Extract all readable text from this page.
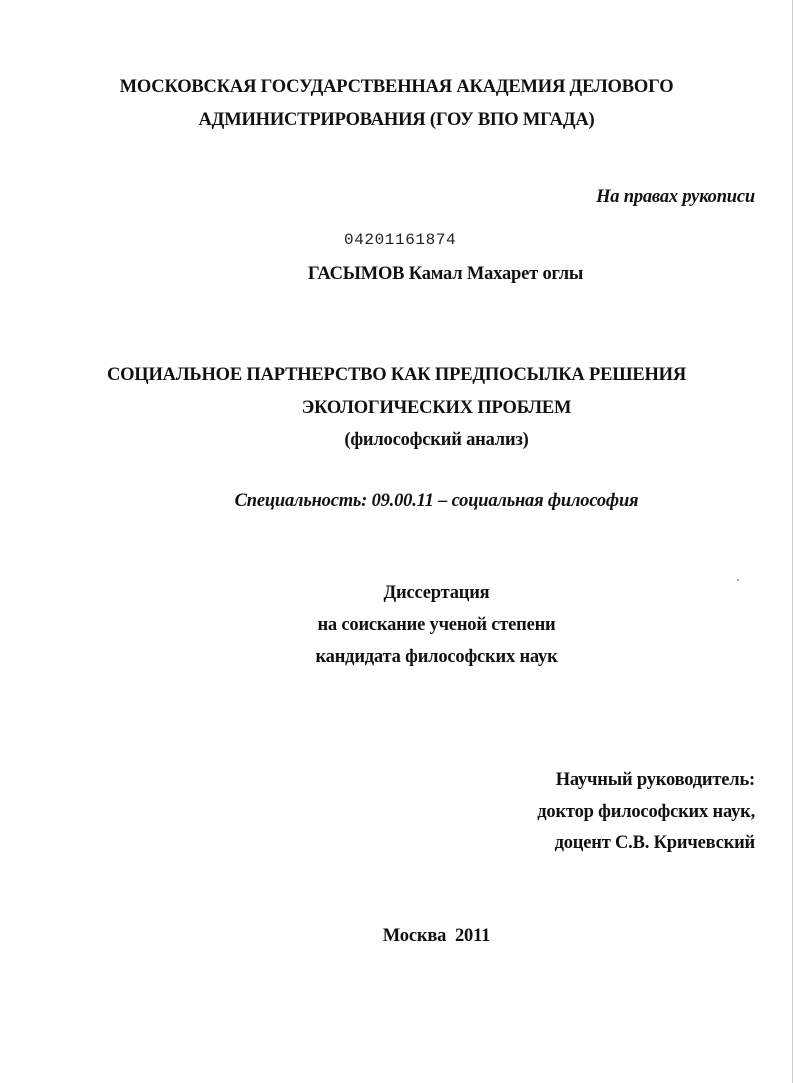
МОСКОВСКАЯ ГОСУДАРСТВЕННАЯ АКАДЕМИЯ ДЕЛОВОГО
АДМИНИСТРИРОВАНИЯ (ГОУ ВПО МГАДА)
На правах рукописи
04201161874
ГАСЫМОВ Камал Махарет оглы
СОЦИАЛЬНОЕ ПАРТНЕРСТВО КАК ПРЕДПОСЫЛКА РЕШЕНИЯ
ЭКОЛОГИЧЕСКИХ ПРОБЛЕМ
(философский анализ)
Специальность: 09.00.11 – социальная философия
Диссертация
на соискание ученой степени
кандидата философских наук
Научный руководитель:
доктор философских наук,
доцент С.В. Кричевский
Москва  2011
